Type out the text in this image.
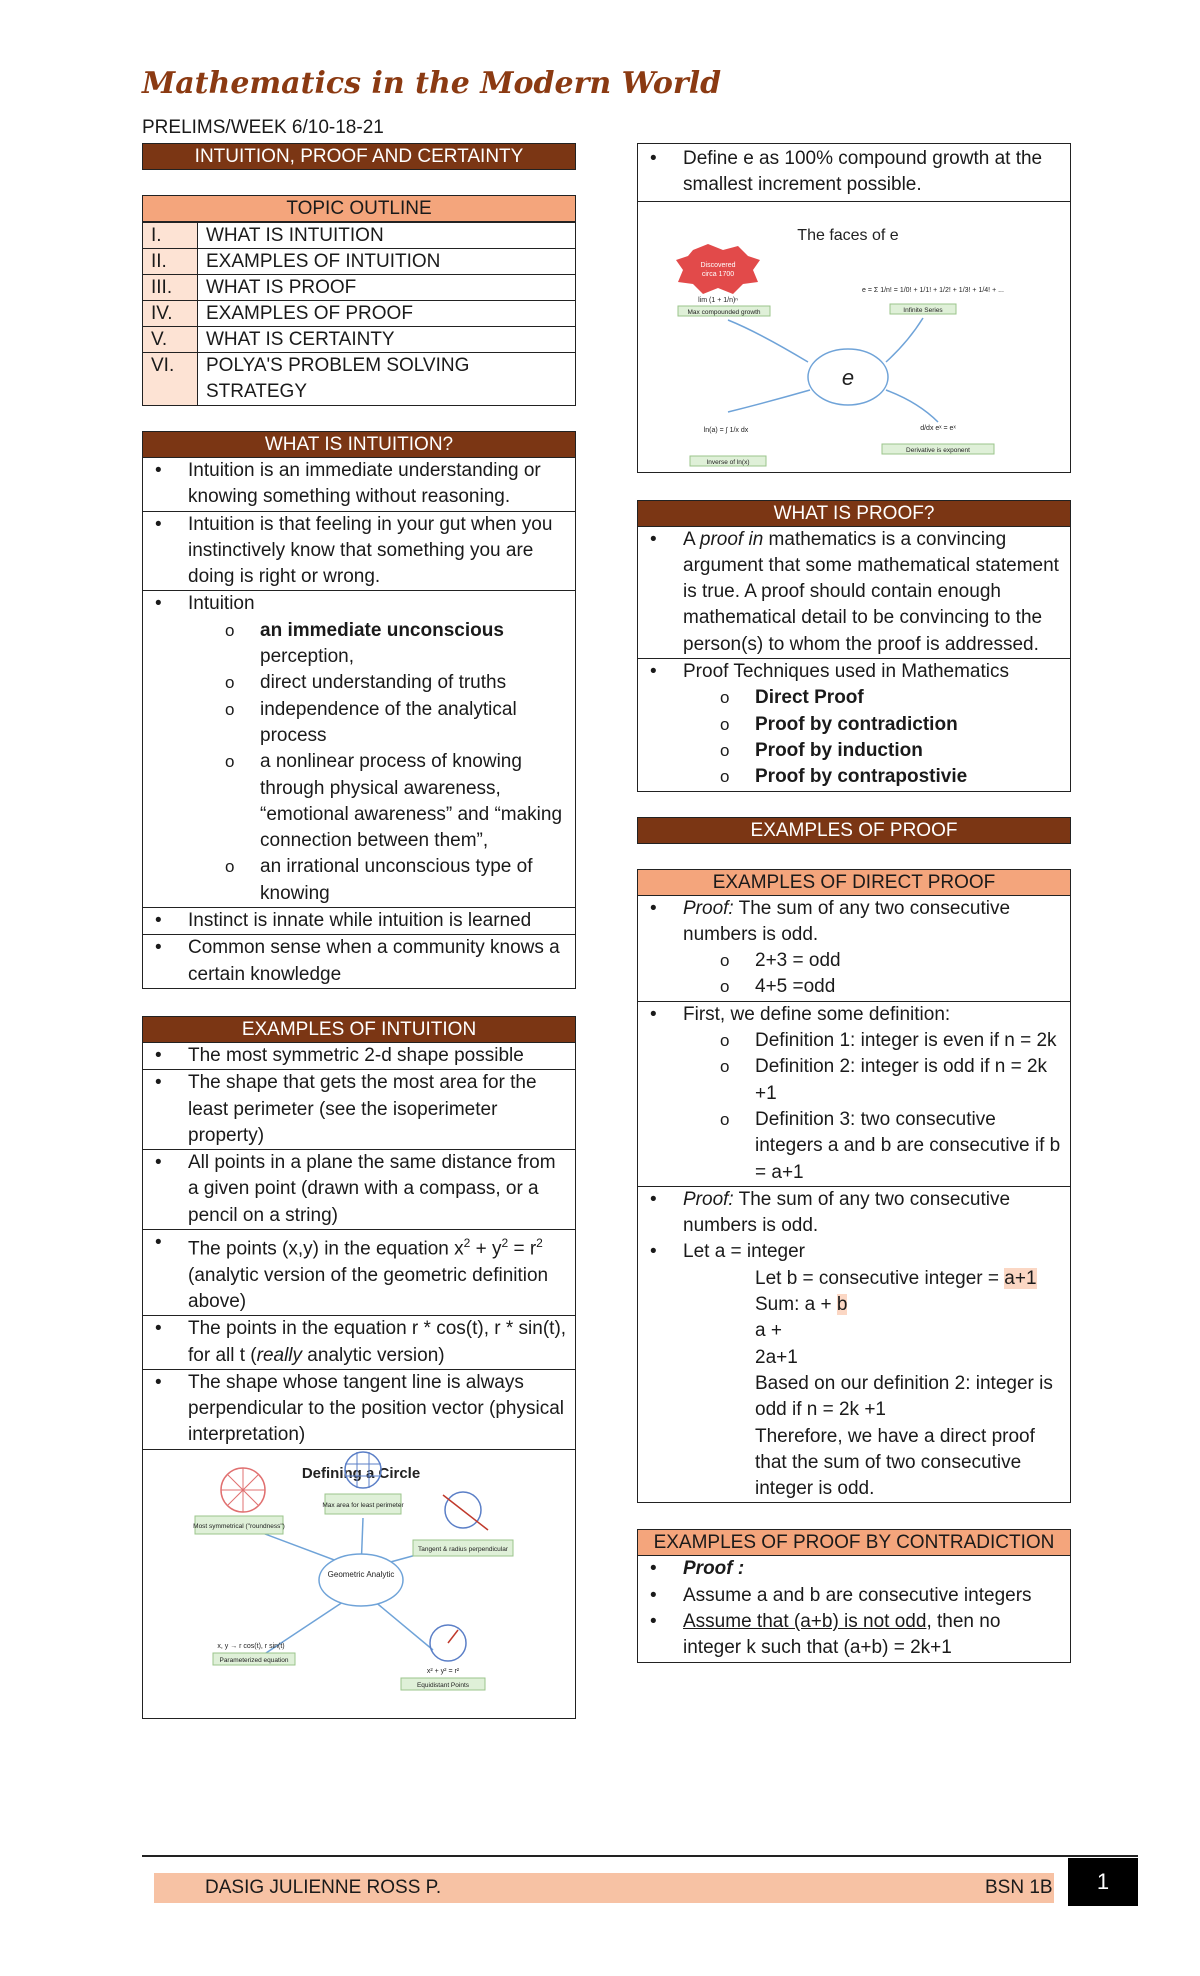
Mathematics in the Modern World
PRELIMS/WEEK 6/10-18-21
INTUITION, PROOF AND CERTAINTY
TOPIC OUTLINE
I.	WHAT IS INTUITION
II.	EXAMPLES OF INTUITION
III.	WHAT IS PROOF
IV.	EXAMPLES OF PROOF
V.	WHAT IS CERTAINTY
VI.	POLYA'S PROBLEM SOLVING STRATEGY
WHAT IS INTUITION?
• Intuition is an immediate understanding or knowing something without reasoning.
• Intuition is that feeling in your gut when you instinctively know that something you are doing is right or wrong.
• Intuition
o an immediate unconscious
perception,
o direct understanding of truths
o independence of the analytical process
o a nonlinear process of knowing through physical awareness, “emotional awareness” and “making connection between them”,
o an irrational unconscious type of knowing
• Instinct is innate while intuition is learned
• Common sense when a community knows a certain knowledge
EXAMPLES OF INTUITION
• The most symmetric 2-d shape possible
• The shape that gets the most area for the least perimeter (see the isoperimeter property)
• All points in a plane the same distance from a given point (drawn with a compass, or a pencil on a string)
• The points (x,y) in the equation $x^2 + y^2 = r^2$ (analytic version of the geometric definition above)
• The points in the equation r * cos(t), r * sin(t), for all t (really analytic version)
• The shape whose tangent line is always perpendicular to the position vector (physical interpretation)
Defining a Circle
Geometric Analytic
Most symmetrical ("roundness")
Max area for least perimeter
Tangent & radius perpendicular
x, y → r cos(t), r sin(t)
Parameterized equation
x² + y² = r²
Equidistant Points
• Define e as 100% compound growth at the smallest increment possible.
The faces of e
Discovered
circa 1700
lim (1 + 1/n)ⁿ
Max compounded growth
e = Σ 1/n! = 1/0! + 1/1! + 1/2! + 1/3! + 1/4! + ...
Infinite Series
e
ln(a) = ∫ 1/x dx
Inverse of ln(x)
d/dx eˣ = eˣ
Derivative is exponent
WHAT IS PROOF?
• A proof in mathematics is a convincing argument that some mathematical statement is true. A proof should contain enough mathematical detail to be convincing to the person(s) to whom the proof is addressed.
• Proof Techniques used in Mathematics
o Direct Proof
o Proof by contradiction
o Proof by induction
o Proof by contrapostivie
EXAMPLES OF PROOF
EXAMPLES OF DIRECT PROOF
• Proof: The sum of any two consecutive numbers is odd.
o 2+3 = odd
o 4+5 =odd
• First, we define some definition:
o Definition 1: integer is even if n = 2k
o Definition 2: integer is odd if n = 2k +1
o Definition 3: two consecutive integers a and b are consecutive if b = a+1
• Proof: The sum of any two consecutive numbers is odd.
• Let a = integer
Let b = consecutive integer = a+1
Sum: a + b
a +
2a+1
Based on our definition 2: integer is odd if n = 2k +1
Therefore, we have a direct proof that the sum of two consecutive integer is odd.
EXAMPLES OF PROOF BY CONTRADICTION
• Proof :
• Assume a and b are consecutive integers
• Assume that (a+b) is not odd, then no integer k such that (a+b) = 2k+1
DASIG JULIENNE ROSS P.	BSN 1B	1
